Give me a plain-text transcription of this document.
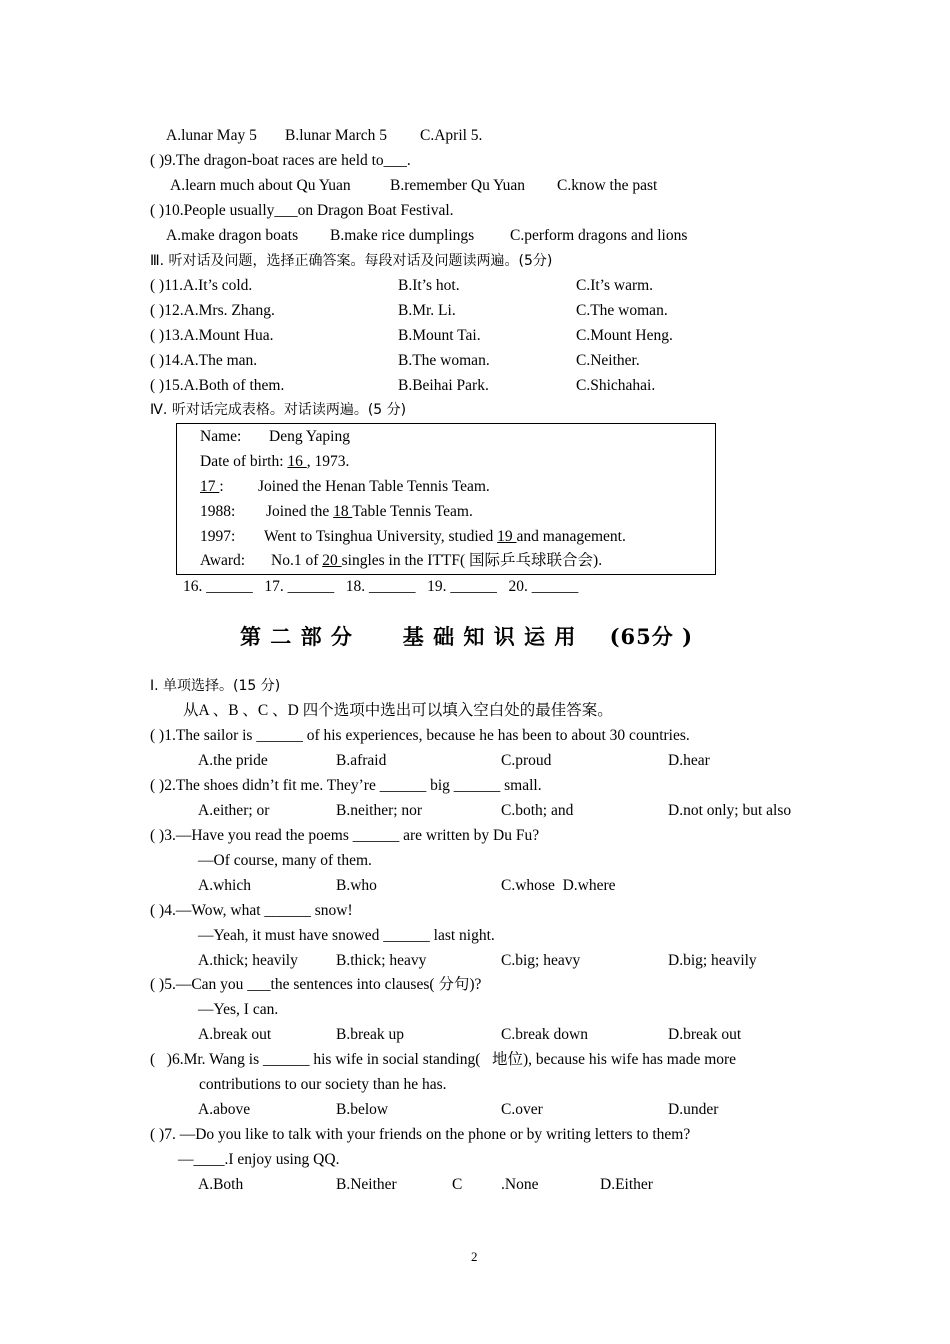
A.lunar May 5 B.lunar March 5 C.April 5.
( )9.The dragon-boat races are held to___.
A.learn much about Qu Yuan	B.remember Qu Yuan C.know the past
( )10.People usually___on Dragon Boat Festival.
A.make dragon boats B.make rice dumplings C.perform dragons and lions
Ⅲ. 听对话及问题，选择正确答案。每段对话及问题读两遍。(5分)
( )11.A.It’s cold.	B.It’s hot.	C.It’s warm.
( )12.A.Mrs. Zhang.	B.Mr. Li.	C.The woman.
( )13.A.Mount Hua.	B.Mount Tai.	C.Mount Heng.
( )14.A.The man.	B.The woman.	C.Neither.
( )15.A.Both of them.	B.Beihai Park.	C.Shichahai.
Ⅳ. 听对话完成表格。对话读两遍。(5 分)
Name: Deng Yaping
Date of birth: 16 , 1973.
17 : Joined the Henan Table Tennis Team.
1988: Joined the 18 Table Tennis Team.
1997: Went to Tsinghua University, studied 19 and management.
Award: No.1 of 20 singles in the ITTF( 国际乒乓球联合会).
16. ______   17. ______   18. ______   19. ______   20. ______
第 二 部 分      基 础 知 识 运 用    (65分 )
Ⅰ. 单项选择。(15 分)
从A 、B 、C 、D 四个选项中选出可以填入空白处的最佳答案。
( )1.The sailor is ______ of his experiences, because he has been to about 30 countries.
A.the pride	B.afraid	C.proud	D.hear
( )2.The shoes didn’t fit me. They’re ______ big ______ small.
A.either; or	B.neither; nor	C.both; and	D.not only; but also
( )3.—Have you read the poems ______ are written by Du Fu?
—Of course, many of them.
A.which	B.who	C.whose  D.where
( )4.—Wow, what ______ snow!
—Yeah, it must have snowed ______ last night.
A.thick; heavily B.thick; heavy	C.big; heavy	D.big; heavily
( )5.—Can you ___the sentences into clauses( 分句)?
—Yes, I can.
A.break out	B.break up	C.break down	D.break out
(   )6.Mr. Wang is ______ his wife in social standing(   地位), because his wife has made more
contributions to our society than he has.
A.above	B.below	C.over	D.under
( )7. —Do you like to talk with your friends on the phone or by writing letters to them?
—____.I enjoy using QQ.
A.Both	B.Neither	C .None	D.Either
2
